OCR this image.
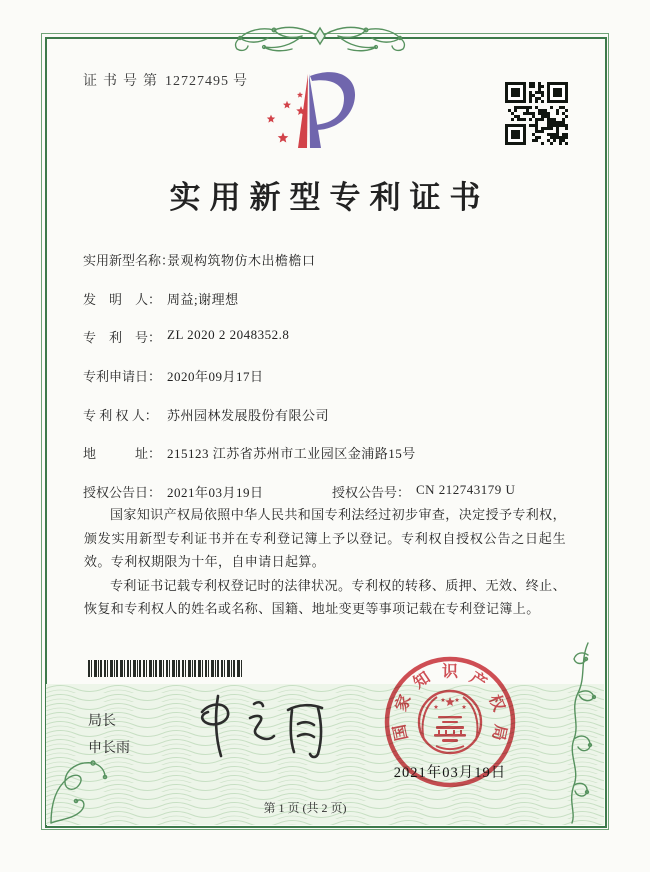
证书号第 12727495 号
实用新型专利证书
实用新型名称：
景观构筑物仿木出檐檐口
发　明　人： 周益;谢理想
专　利　号： ZL 2020 2 2048352.8
专利申请日： 2020年09月17日
专 利 权 人： 苏州园林发展股份有限公司
地　　　址： 215123 江苏省苏州市工业园区金浦路15号
授权公告日： 2021年03月19日	授权公告号： CN 212743179 U

国家知识产权局依照中华人民共和国专利法经过初步审查，决定授予专利权，颁发实用新型专利证书并在专利登记簿上予以登记。专利权自授权公告之日起生效。专利权期限为十年，自申请日起算。

专利证书记载专利权登记时的法律状况。专利权的转移、质押、无效、终止、恢复和专利权人的姓名或名称、国籍、地址变更等事项记载在专利登记簿上。

局长
申长雨
国
家
知 识 产
权
局
2021年03月19日
第 1 页 (共 2 页)
